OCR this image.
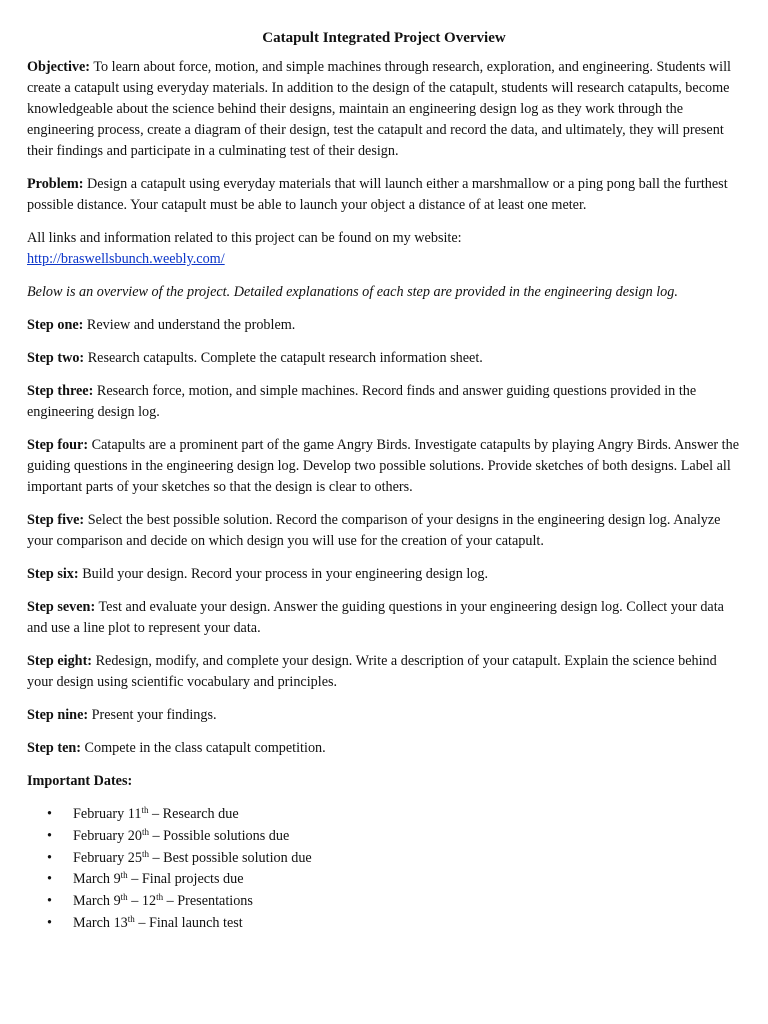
Catapult Integrated Project Overview

Objective: To learn about force, motion, and simple machines through research, exploration, and engineering. Students will create a catapult using everyday materials. In addition to the design of the catapult, students will research catapults, become knowledgeable about the science behind their designs, maintain an engineering design log as they work through the engineering process, create a diagram of their design, test the catapult and record the data, and ultimately, they will present their findings and participate in a culminating test of their design.

Problem: Design a catapult using everyday materials that will launch either a marshmallow or a ping pong ball the furthest possible distance. Your catapult must be able to launch your object a distance of at least one meter.

All links and information related to this project can be found on my website:
http://braswellsbunch.weebly.com/

Below is an overview of the project. Detailed explanations of each step are provided in the engineering design log.

Step one: Review and understand the problem.

Step two: Research catapults. Complete the catapult research information sheet.

Step three: Research force, motion, and simple machines. Record finds and answer guiding questions provided in the engineering design log.

Step four: Catapults are a prominent part of the game Angry Birds. Investigate catapults by playing Angry Birds. Answer the guiding questions in the engineering design log. Develop two possible solutions. Provide sketches of both designs. Label all important parts of your sketches so that the design is clear to others.

Step five: Select the best possible solution. Record the comparison of your designs in the engineering design log. Analyze your comparison and decide on which design you will use for the creation of your catapult.

Step six: Build your design. Record your process in your engineering design log.

Step seven: Test and evaluate your design. Answer the guiding questions in your engineering design log. Collect your data and use a line plot to represent your data.

Step eight: Redesign, modify, and complete your design. Write a description of your catapult. Explain the science behind your design using scientific vocabulary and principles.

Step nine: Present your findings.

Step ten: Compete in the class catapult competition.

Important Dates:
• February 11th – Research due
• February 20th – Possible solutions due
• February 25th – Best possible solution due
• March 9th – Final projects due
• March 9th – 12th – Presentations
• March 13th – Final launch test
